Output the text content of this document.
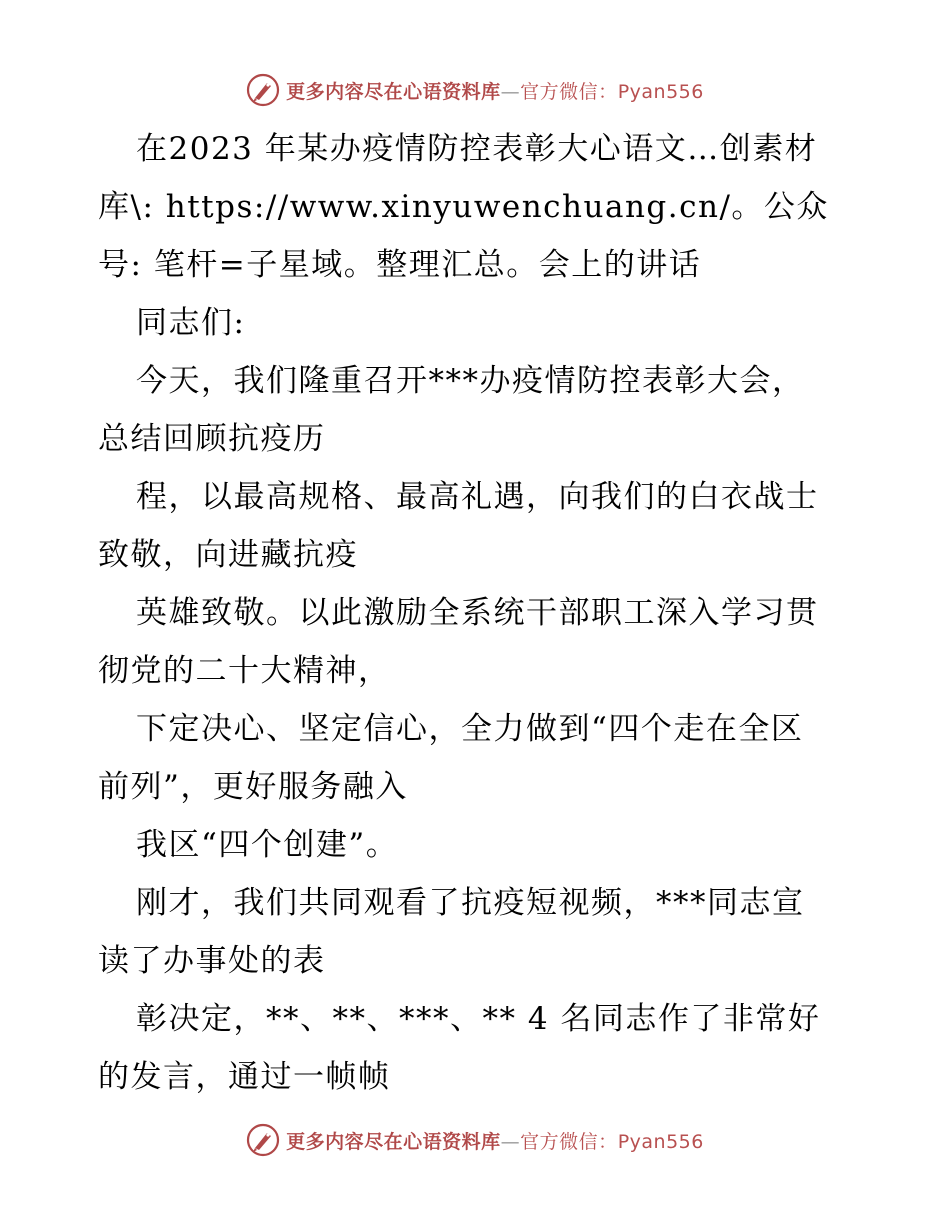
更多内容尽在心语资料库—官方微信：Pyan556
在2023 年某办疫情防控表彰大心语文…创素材
库\: https://www.xinyuwenchuang.cn/。公众
号: 笔杆=子星域。整理汇总。会上的讲话
同志们:
今天，我们隆重召开***办疫情防控表彰大会，
总结回顾抗疫历
程，以最高规格、最高礼遇，向我们的白衣战士
致敬，向进藏抗疫
英雄致敬。以此激励全系统干部职工深入学习贯
彻党的二十大精神，
下定决心、坚定信心，全力做到“四个走在全区
前列”，更好服务融入
我区“四个创建”。
刚才，我们共同观看了抗疫短视频，***同志宣
读了办事处的表
彰决定，**、**、***、** 4 名同志作了非常好
的发言，通过一帧帧
更多内容尽在心语资料库—官方微信：Pyan556
